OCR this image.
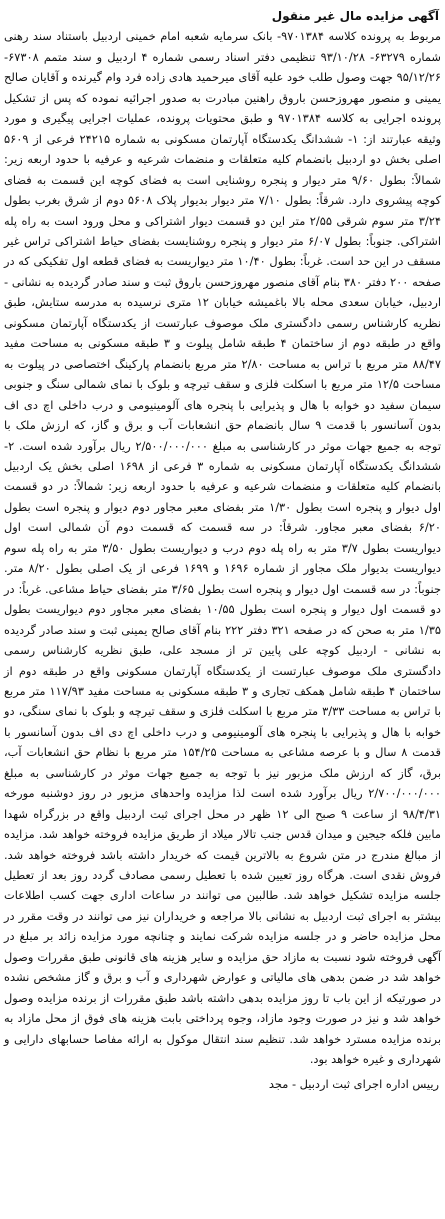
آگهی مزایده مال غیر منقول

مربوط به پرونده کلاسه ۹۷۰۱۳۸۴- بانک سرمایه شعبه امام خمینی اردبیل باستناد سند رهنی شماره ۶۳۲۷۹- ۹۳/۱۰/۲۸ تنظیمی دفتر اسناد رسمی شماره ۴ اردبیل و سند متمم ۶۷۳۰۸- ۹۵/۱۲/۲۶ جهت وصول طلب خود علیه آقای میرحمید هادی زاده فرد وام گیرنده و آقایان صالح یمینی و منصور مهروزحسن باروق راهنین مبادرت به صدور اجرائیه نموده که پس از تشکیل پرونده اجرایی به کلاسه ۹۷۰۱۳۸۴ و طبق محتویات پرونده، عملیات اجرایی پیگیری و مورد وثیقه عبارتند از: ۱- ششدانگ یکدستگاه آپارتمان مسکونی به شماره ۲۴۲۱۵ فرعی از ۵۶۰۹ اصلی بخش دو اردبیل بانضمام کلیه متعلقات و منضمات شرعیه و عرفیه با حدود اربعه زیر: شمالاً: بطول ۹/۶۰ متر دیوار و پنجره روشنایی است به فضای کوچه این قسمت به فضای کوچه پیشروی دارد. شرقاً: بطول ۷/۱۰ متر دیوار بدیوار پلاک ۵۶۰۸ دوم از شرق بغرب بطول ۳/۲۴ متر سوم شرقی ۲/۵۵ متر این دو قسمت دیوار اشتراکی و محل ورود است به راه پله اشتراکی. جنوباً: بطول ۶/۰۷ متر دیوار و پنجره روشنایست بفضای حیاط اشتراکی تراس غیر مسقف در این حد است. غرباً: بطول ۱۰/۴۰ متر دیواریست به فضای قطعه اول تفکیکی که در صفحه ۲۰۰ دفتر ۳۸۰ بنام آقای منصور مهروزحسن باروق ثبت و سند صادر گردیده به نشانی - اردبیل، خیابان سعدی محله بالا باغمیشه خیابان ۱۲ متری نرسیده به مدرسه ستایش، طبق نظریه کارشناس رسمی دادگستری ملک موصوف عبارتست از یکدستگاه آپارتمان مسکونی واقع در طبقه دوم از ساختمان ۴ طبقه شامل پیلوت و ۳ طبقه مسکونی به مساحت مفید ۸۸/۴۷ متر مربع با تراس به مساحت ۲/۸۰ متر مربع بانضمام پارکینگ اختصاصی در پیلوت به مساحت ۱۲/۵ متر مربع با اسکلت فلزی و سقف تیرچه و بلوک با نمای شمالی سنگ و جنوبی سیمان سفید دو خوابه با هال و پذیرایی با پنجره های آلومینیومی و درب داخلی اچ دی اف بدون آسانسور با قدمت ۹ سال بانضمام حق انشعابات آب و برق و گاز، که ارزش ملک با توجه به جمیع جهات موثر در کارشناسی به مبلغ ۲/۵۰۰/۰۰۰/۰۰۰ ریال برآورد شده است. ۲- ششدانگ یکدستگاه آپارتمان مسکونی به شماره ۳ فرعی از ۱۶۹۸ اصلی بخش یک اردبیل بانضمام کلیه متعلقات و منضمات شرعیه و عرفیه با حدود اربعه زیر: شمالاً: در دو قسمت اول دیوار و پنجره است بطول ۱/۳۰ متر بفضای معبر مجاور دوم دیوار و پنجره است بطول ۶/۲۰ بفضای معبر مجاور. شرقاً: در سه قسمت که قسمت دوم آن شمالی است اول دیواریست بطول ۳/۷ متر به راه پله دوم درب و دیواریست بطول ۳/۵۰ متر به راه پله سوم دیواریست بدیوار ملک مجاور از شماره ۱۶۹۶ و ۱۶۹۹ فرعی از یک اصلی بطول ۸/۲۰ متر. جنوباً: در سه قسمت اول دیوار و پنجره است بطول ۳/۶۵ متر بفضای حیاط مشاعی. غرباً: در دو قسمت اول دیوار و پنجره است بطول ۱۰/۵۵ بفضای معبر مجاور دوم دیواریست بطول ۱/۳۵ متر به صحن که در صفحه ۳۲۱ دفتر ۲۲۲ بنام آقای صالح یمینی ثبت و سند صادر گردیده به نشانی - اردبیل کوچه علی پایین تر از مسجد علی، طبق نظریه کارشناس رسمی دادگستری ملک موصوف عبارتست از یکدستگاه آپارتمان مسکونی واقع در طبقه دوم از ساختمان ۴ طبقه شامل همکف تجاری و ۳ طبقه مسکونی به مساحت مفید ۱۱۷/۹۳ متر مربع با تراس به مساحت ۳/۳۳ متر مربع با اسکلت فلزی و سقف تیرچه و بلوک با نمای سنگی، دو خوابه با هال و پذیرایی با پنجره های آلومینیومی و درب داخلی اچ دی اف بدون آسانسور با قدمت ۸ سال و با عرصه مشاعی به مساحت ۱۵۴/۲۵ متر مربع با نظام حق انشعابات آب، برق، گاز که ارزش ملک مزبور نیز با توجه به جمیع جهات موثر در کارشناسی به مبلغ ۲/۷۰۰/۰۰۰/۰۰۰ ریال برآورد شده است لذا مزایده واحدهای مزبور در روز دوشنبه مورخه ۹۸/۴/۳۱ از ساعت ۹ صبح الی ۱۲ ظهر در محل اجرای ثبت اردبیل واقع در بزرگراه شهدا مابین فلکه جیجین و میدان قدس جنب تالار میلاد از طریق مزایده فروخته خواهد شد. مزایده از مبالغ مندرج در متن شروع به بالاترین قیمت که خریدار داشته باشد فروخته خواهد شد. فروش نقدی است. هرگاه روز تعیین شده با تعطیل رسمی مصادف گردد روز بعد از تعطیل جلسه مزایده تشکیل خواهد شد. طالبین می توانند در ساعات اداری جهت کسب اطلاعات بیشتر به اجرای ثبت اردبیل به نشانی بالا مراجعه و خریداران نیز می توانند در وقت مقرر در محل مزایده حاضر و در جلسه مزایده شرکت نمایند و چنانچه مورد مزایده زائد بر مبلغ در آگهی فروخته شود نسبت به مازاد حق مزایده و سایر هزینه های قانونی طبق مقررات وصول خواهد شد در ضمن بدهی های مالیاتی و عوارض شهرداری و آب و برق و گاز مشخص نشده در صورتیکه از این باب تا روز مزایده بدهی داشته باشد طبق مقررات از برنده مزایده وصول خواهد شد و نیز در صورت وجود مازاد، وجوه پرداختی بابت هزینه های فوق از محل مازاد به برنده مزایده مسترد خواهد شد. تنظیم سند انتقال موکول به ارائه مفاصا حسابهای دارایی و شهرداری و غیره خواهد بود.

رییس اداره اجرای ثبت اردبیل - مجد
